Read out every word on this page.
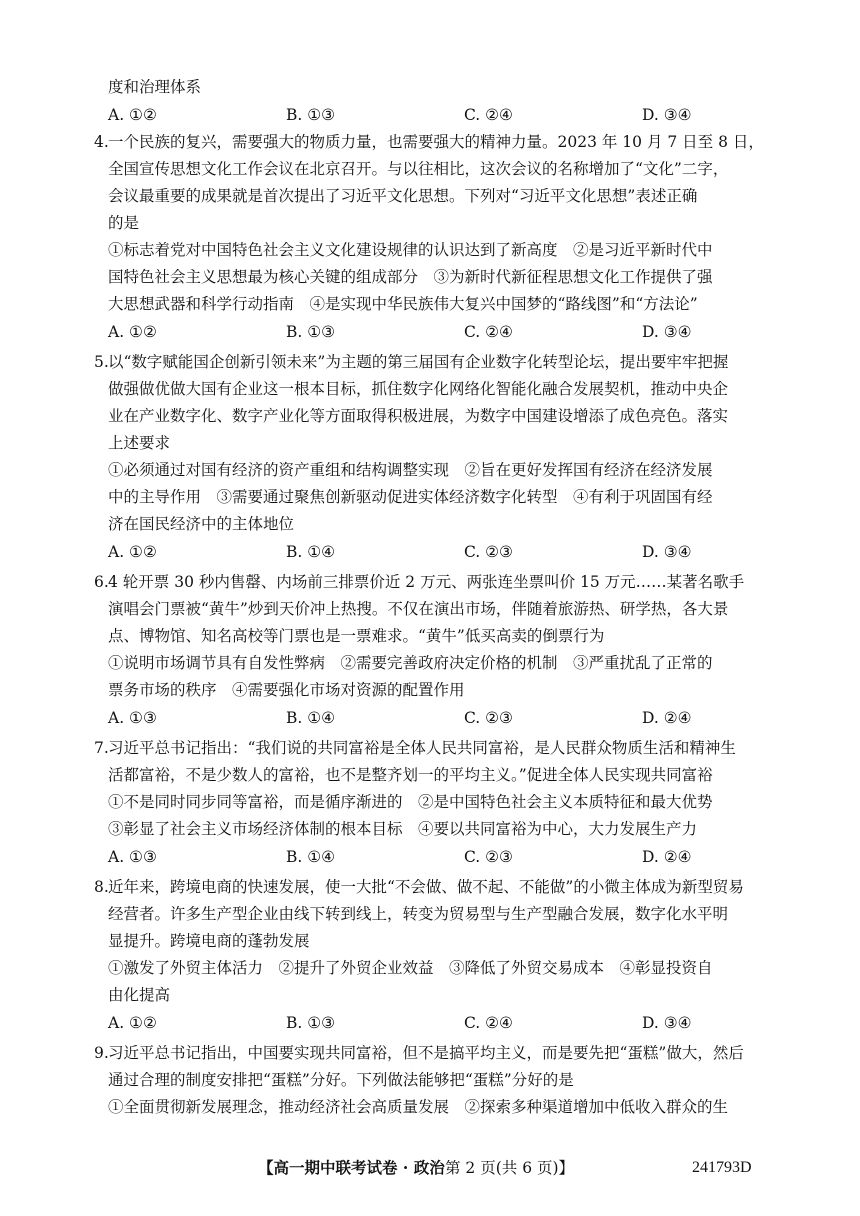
度和治理体系

A. ①②	B. ①③	C. ②④	D. ③④

4. 一个民族的复兴，需要强大的物质力量，也需要强大的精神力量。2023 年 10 月 7 日至 8 日，

全国宣传思想文化工作会议在北京召开。与以往相比，这次会议的名称增加了“文化”二字，

会议最重要的成果就是首次提出了习近平文化思想。下列对“习近平文化思想”表述正确

的是

①标志着党对中国特色社会主义文化建设规律的认识达到了新高度　②是习近平新时代中

国特色社会主义思想最为核心关键的组成部分　③为新时代新征程思想文化工作提供了强

大思想武器和科学行动指南　④是实现中华民族伟大复兴中国梦的“路线图”和“方法论”

A. ①②	B. ①③	C. ②④	D. ③④

5. 以“数字赋能国企创新引领未来”为主题的第三届国有企业数字化转型论坛，提出要牢牢把握

做强做优做大国有企业这一根本目标，抓住数字化网络化智能化融合发展契机，推动中央企

业在产业数字化、数字产业化等方面取得积极进展，为数字中国建设增添了成色亮色。落实

上述要求

①必须通过对国有经济的资产重组和结构调整实现　②旨在更好发挥国有经济在经济发展

中的主导作用　③需要通过聚焦创新驱动促进实体经济数字化转型　④有利于巩固国有经

济在国民经济中的主体地位

A. ①②	B. ①④	C. ②③	D. ③④

6. 4 轮开票 30 秒内售罄、内场前三排票价近 2 万元、两张连坐票叫价 15 万元……某著名歌手

演唱会门票被“黄牛”炒到天价冲上热搜。不仅在演出市场，伴随着旅游热、研学热，各大景

点、博物馆、知名高校等门票也是一票难求。“黄牛”低买高卖的倒票行为

①说明市场调节具有自发性弊病　②需要完善政府决定价格的机制　③严重扰乱了正常的

票务市场的秩序　④需要强化市场对资源的配置作用

A. ①③	B. ①④	C. ②③	D. ②④

7. 习近平总书记指出：“我们说的共同富裕是全体人民共同富裕，是人民群众物质生活和精神生

活都富裕，不是少数人的富裕，也不是整齐划一的平均主义。”促进全体人民实现共同富裕

①不是同时同步同等富裕，而是循序渐进的　②是中国特色社会主义本质特征和最大优势

③彰显了社会主义市场经济体制的根本目标　④要以共同富裕为中心，大力发展生产力

A. ①③	B. ①④	C. ②③	D. ②④

8. 近年来，跨境电商的快速发展，使一大批“不会做、做不起、不能做”的小微主体成为新型贸易

经营者。许多生产型企业由线下转到线上，转变为贸易型与生产型融合发展，数字化水平明

显提升。跨境电商的蓬勃发展

①激发了外贸主体活力　②提升了外贸企业效益　③降低了外贸交易成本　④彰显投资自

由化提高

A. ①②	B. ①③	C. ②④	D. ③④

9. 习近平总书记指出，中国要实现共同富裕，但不是搞平均主义，而是要先把“蛋糕”做大，然后

通过合理的制度安排把“蛋糕”分好。下列做法能够把“蛋糕”分好的是

①全面贯彻新发展理念，推动经济社会高质量发展　②探索多种渠道增加中低收入群众的生

【高一期中联考试卷 · 政治 第 2 页(共 6 页)】	241793D
